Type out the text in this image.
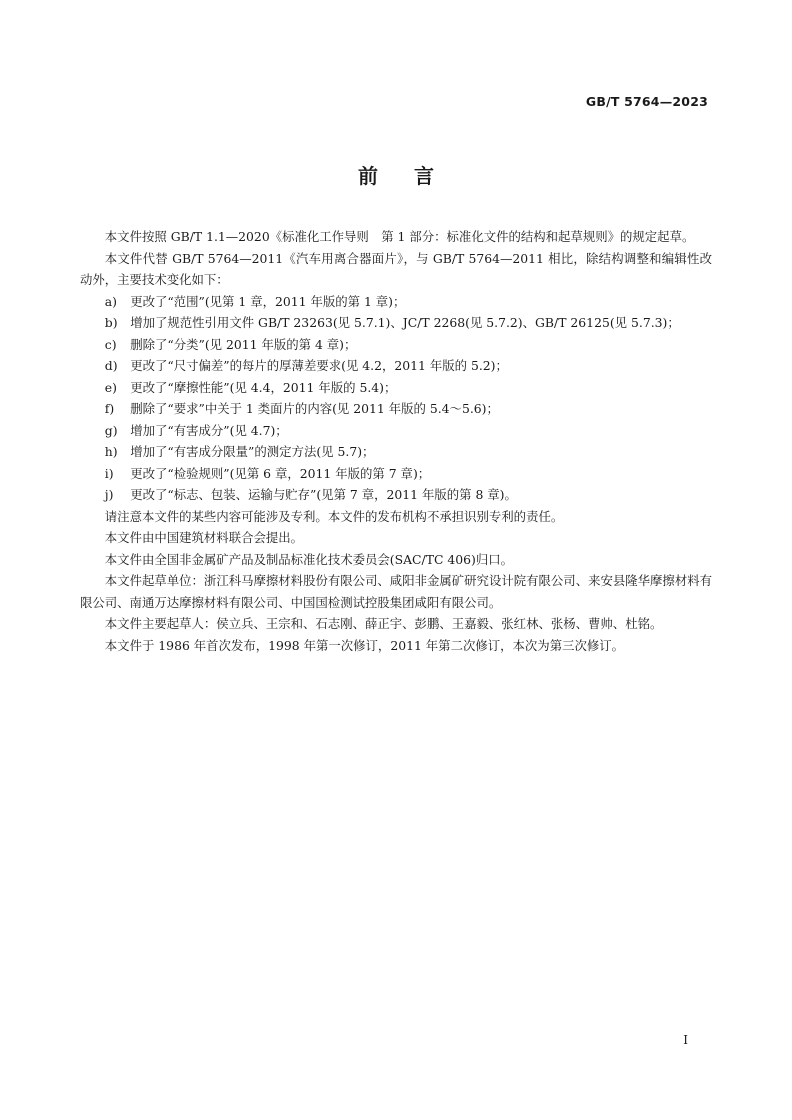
GB/T 5764—2023
前言

本文件按照 GB/T 1.1—2020《标准化工作导则　第 1 部分：标准化文件的结构和起草规则》的规定起草。

本文件代替 GB/T 5764—2011《汽车用离合器面片》，与 GB/T 5764—2011 相比，除结构调整和编辑性改动外，主要技术变化如下：

a) 更改了“范围”(见第 1 章，2011 年版的第 1 章)；
b) 增加了规范性引用文件 GB/T 23263(见 5.7.1)、JC/T 2268(见 5.7.2)、GB/T 26125(见 5.7.3)；
c) 删除了“分类”(见 2011 年版的第 4 章)；
d) 更改了“尺寸偏差”的每片的厚薄差要求(见 4.2，2011 年版的 5.2)；
e) 更改了“摩擦性能”(见 4.4，2011 年版的 5.4)；
f) 删除了“要求”中关于 1 类面片的内容(见 2011 年版的 5.4～5.6)；
g) 增加了“有害成分”(见 4.7)；
h) 增加了“有害成分限量”的测定方法(见 5.7)；
i) 更改了“检验规则”(见第 6 章，2011 年版的第 7 章)；
j) 更改了“标志、包装、运输与贮存”(见第 7 章，2011 年版的第 8 章)。

请注意本文件的某些内容可能涉及专利。本文件的发布机构不承担识别专利的责任。

本文件由中国建筑材料联合会提出。

本文件由全国非金属矿产品及制品标准化技术委员会(SAC/TC 406)归口。

本文件起草单位：浙江科马摩擦材料股份有限公司、咸阳非金属矿研究设计院有限公司、来安县隆华摩擦材料有限公司、南通万达摩擦材料有限公司、中国国检测试控股集团咸阳有限公司。

本文件主要起草人：侯立兵、王宗和、石志刚、薛正宇、彭鹏、王嘉毅、张红林、张杨、曹帅、杜铭。

本文件于 1986 年首次发布，1998 年第一次修订，2011 年第二次修订，本次为第三次修订。

I
